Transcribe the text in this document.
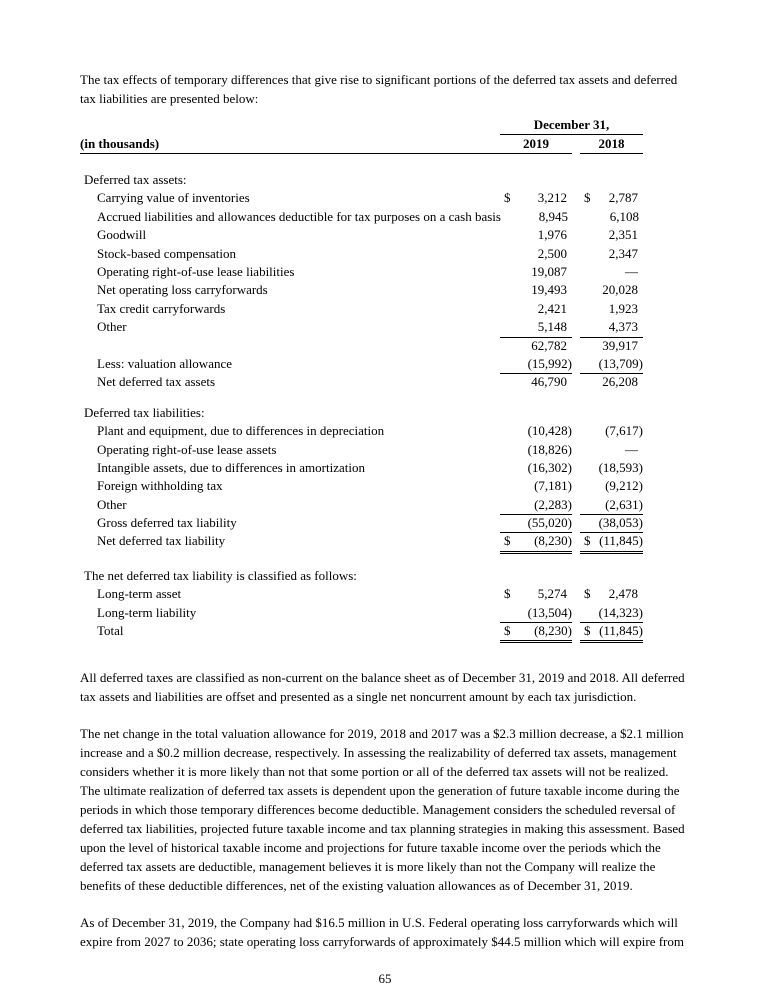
The tax effects of temporary differences that give rise to significant portions of the deferred tax assets and deferred tax liabilities are presented below:

December 31,
(in thousands)	2019	2018
Deferred tax assets:
Carrying value of inventories	$	3,212	$	2,787
Accrued liabilities and allowances deductible for tax purposes on a cash basis	8,945	6,108
Goodwill	1,976	2,351
Stock-based compensation	2,500	2,347
Operating right-of-use lease liabilities	19,087	—
Net operating loss carryforwards	19,493	20,028
Tax credit carryforwards	2,421	1,923
Other	5,148	4,373
62,782	39,917
Less: valuation allowance	(15,992)	(13,709)
Net deferred tax assets	46,790	26,208
Deferred tax liabilities:
Plant and equipment, due to differences in depreciation	(10,428)	(7,617)
Operating right-of-use lease assets	(18,826)	—
Intangible assets, due to differences in amortization	(16,302)	(18,593)
Foreign withholding tax	(7,181)	(9,212)
Other	(2,283)	(2,631)
Gross deferred tax liability	(55,020)	(38,053)
Net deferred tax liability	$	(8,230) $ (11,845)
The net deferred tax liability is classified as follows:
Long-term asset	$	5,274	$	2,478
Long-term liability	(13,504)	(14,323)
Total	$	(8,230) $ (11,845)

All deferred taxes are classified as non-current on the balance sheet as of December 31, 2019 and 2018. All deferred tax assets and liabilities are offset and presented as a single net noncurrent amount by each tax jurisdiction.

The net change in the total valuation allowance for 2019, 2018 and 2017 was a $2.3 million decrease, a $2.1 million increase and a $0.2 million decrease, respectively. In assessing the realizability of deferred tax assets, management considers whether it is more likely than not that some portion or all of the deferred tax assets will not be realized. The ultimate realization of deferred tax assets is dependent upon the generation of future taxable income during the periods in which those temporary differences become deductible. Management considers the scheduled reversal of deferred tax liabilities, projected future taxable income and tax planning strategies in making this assessment. Based upon the level of historical taxable income and projections for future taxable income over the periods which the deferred tax assets are deductible, management believes it is more likely than not the Company will realize the benefits of these deductible differences, net of the existing valuation allowances as of December 31, 2019.

As of December 31, 2019, the Company had $16.5 million in U.S. Federal operating loss carryforwards which will expire from 2027 to 2036; state operating loss carryforwards of approximately $44.5 million which will expire from

65
